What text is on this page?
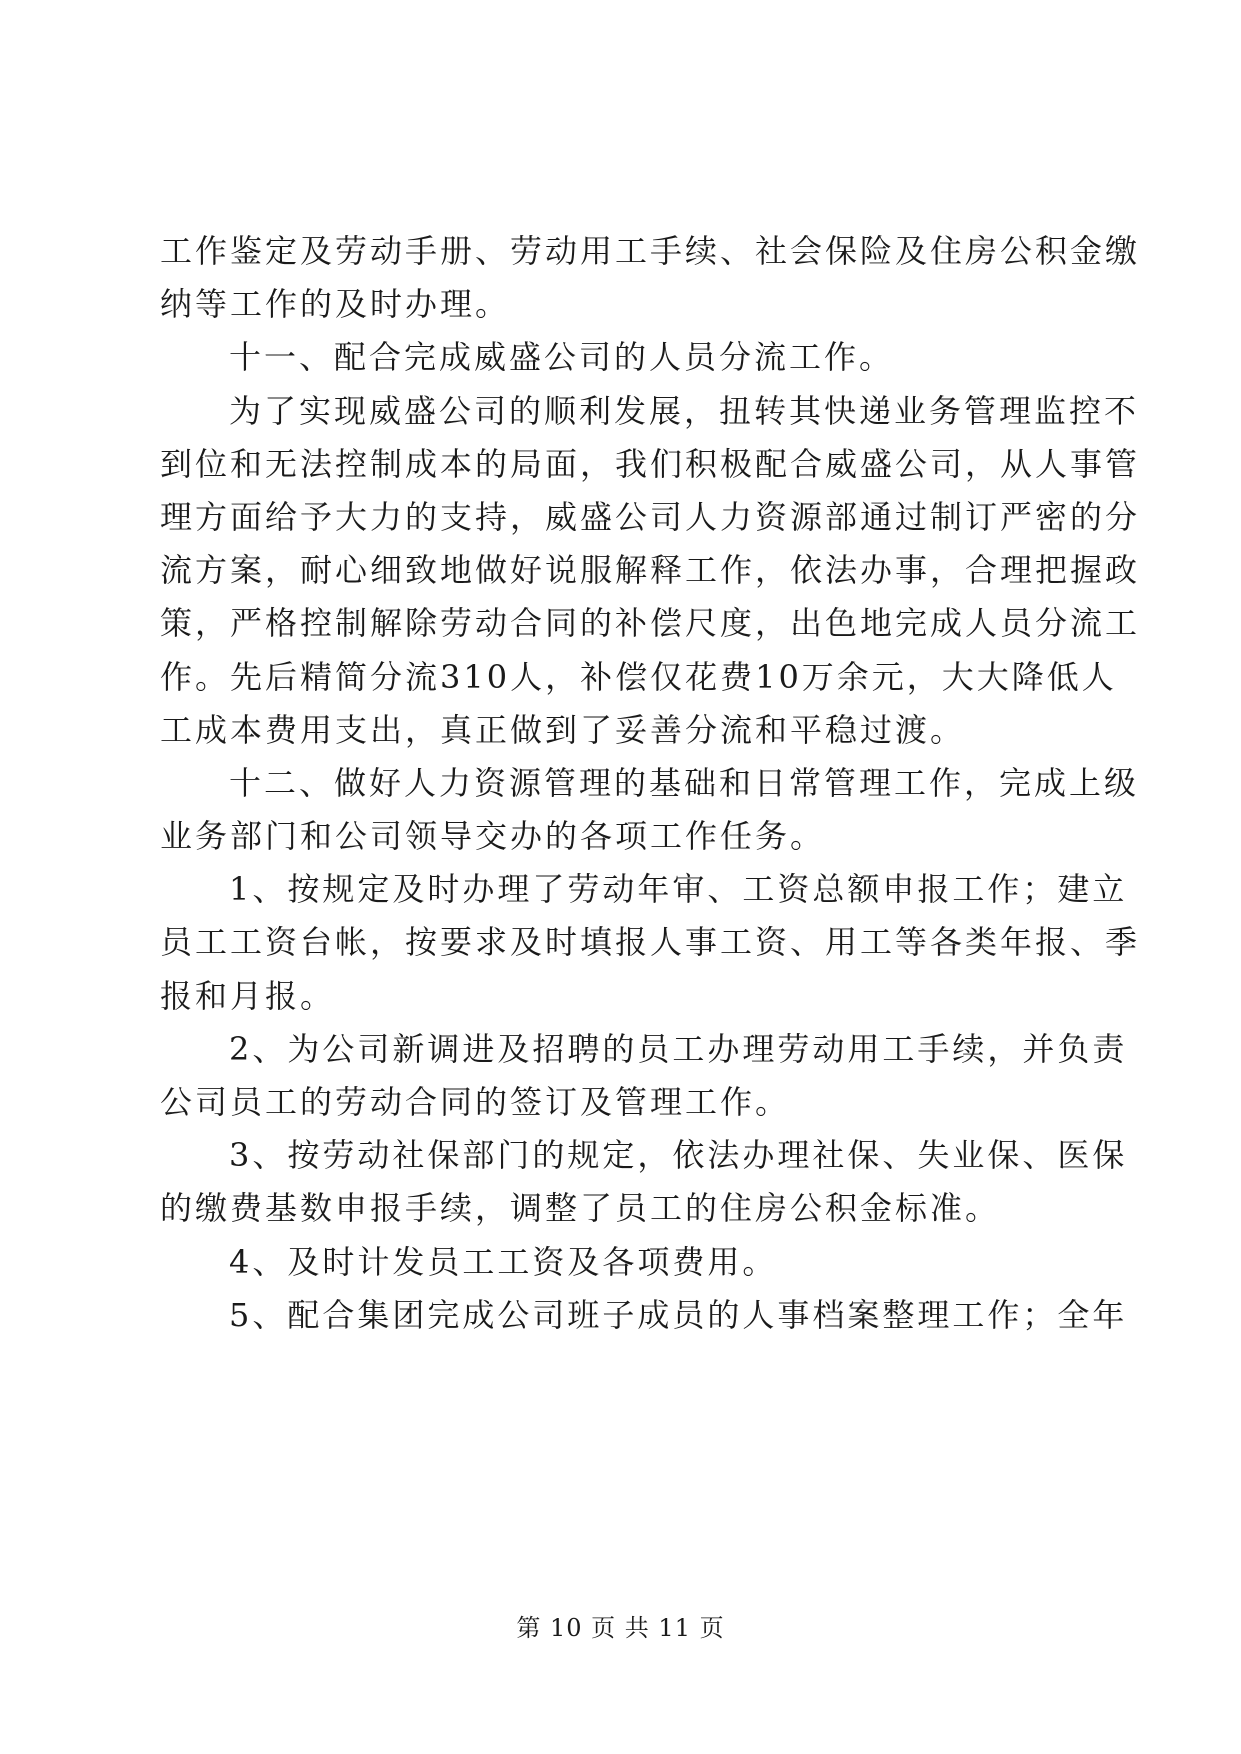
工作鉴定及劳动手册、劳动用工手续、社会保险及住房公积金缴
纳等工作的及时办理。
十一、配合完成威盛公司的人员分流工作。
为了实现威盛公司的顺利发展，扭转其快递业务管理监控不
到位和无法控制成本的局面，我们积极配合威盛公司，从人事管
理方面给予大力的支持，威盛公司人力资源部通过制订严密的分
流方案，耐心细致地做好说服解释工作，依法办事，合理把握政
策，严格控制解除劳动合同的补偿尺度，出色地完成人员分流工
作。先后精简分流310人，补偿仅花费10万余元，大大降低人
工成本费用支出，真正做到了妥善分流和平稳过渡。
十二、做好人力资源管理的基础和日常管理工作，完成上级
业务部门和公司领导交办的各项工作任务。
1、按规定及时办理了劳动年审、工资总额申报工作；建立
员工工资台帐，按要求及时填报人事工资、用工等各类年报、季
报和月报。
2、为公司新调进及招聘的员工办理劳动用工手续，并负责
公司员工的劳动合同的签订及管理工作。
3、按劳动社保部门的规定，依法办理社保、失业保、医保
的缴费基数申报手续，调整了员工的住房公积金标准。
4、及时计发员工工资及各项费用。
5、配合集团完成公司班子成员的人事档案整理工作；全年
第 10 页 共 11 页
